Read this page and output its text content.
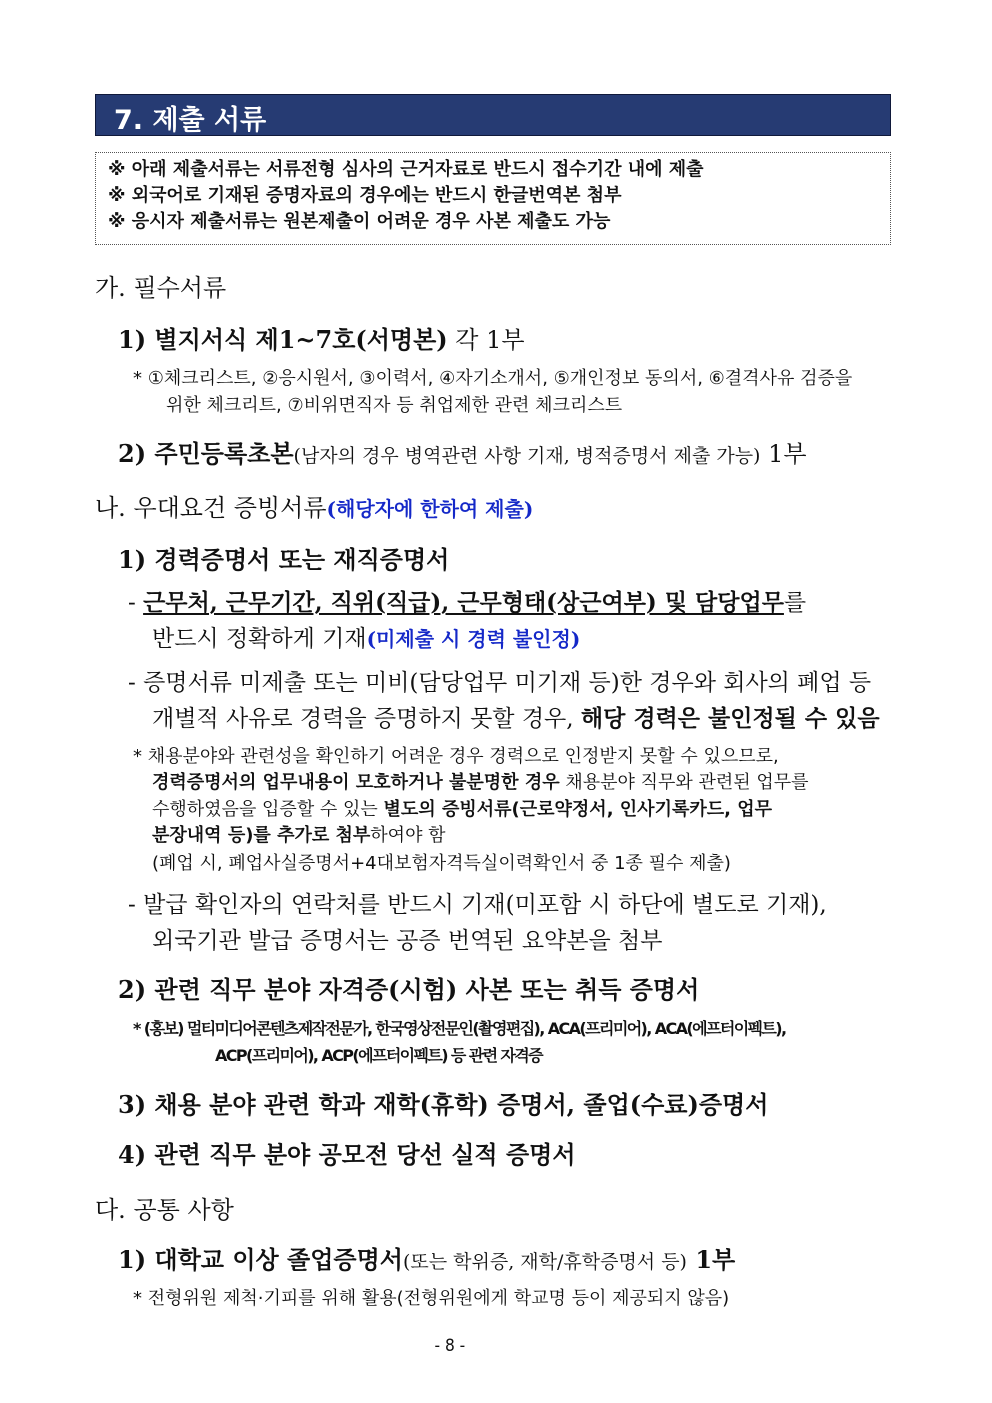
7. 제출 서류
※ 아래 제출서류는 서류전형 심사의 근거자료로 반드시 접수기간 내에 제출
※ 외국어로 기재된 증명자료의 경우에는 반드시 한글번역본 첨부
※ 응시자 제출서류는 원본제출이 어려운 경우 사본 제출도 가능
가. 필수서류
1) 별지서식 제1~7호(서명본) 각 1부
* ①체크리스트, ②응시원서, ③이력서, ④자기소개서, ⑤개인정보 동의서, ⑥결격사유 검증을
위한 체크리트, ⑦비위면직자 등 취업제한 관련 체크리스트
2) 주민등록초본(남자의 경우 병역관련 사항 기재, 병적증명서 제출 가능) 1부
나. 우대요건 증빙서류(해당자에 한하여 제출)
1) 경력증명서 또는 재직증명서
- 근무처, 근무기간, 직위(직급), 근무형태(상근여부) 및 담당업무를
반드시 정확하게 기재(미제출 시 경력 불인정)
- 증명서류 미제출 또는 미비(담당업무 미기재 등)한 경우와 회사의 폐업 등
개별적 사유로 경력을 증명하지 못할 경우, 해당 경력은 불인정될 수 있음
* 채용분야와 관련성을 확인하기 어려운 경우 경력으로 인정받지 못할 수 있으므로,
경력증명서의 업무내용이 모호하거나 불분명한 경우 채용분야 직무와 관련된 업무를
수행하였음을 입증할 수 있는 별도의 증빙서류(근로약정서, 인사기록카드, 업무
분장내역 등)를 추가로 첨부하여야 함
(폐업 시, 폐업사실증명서+4대보험자격득실이력확인서 중 1종 필수 제출)
- 발급 확인자의 연락처를 반드시 기재(미포함 시 하단에 별도로 기재),
외국기관 발급 증명서는 공증 번역된 요약본을 첨부
2) 관련 직무 분야 자격증(시험) 사본 또는 취득 증명서
* (홍보) 멀티미디어콘텐츠제작전문가, 한국영상전문인(촬영편집), ACA(프리미어), ACA(에프터이펙트),
ACP(프리미어), ACP(에프터이펙트) 등 관련 자격증
3) 채용 분야 관련 학과 재학(휴학) 증명서, 졸업(수료)증명서
4) 관련 직무 분야 공모전 당선 실적 증명서
다. 공통 사항
1) 대학교 이상 졸업증명서(또는 학위증, 재학/휴학증명서 등) 1부
* 전형위원 제척·기피를 위해 활용(전형위원에게 학교명 등이 제공되지 않음)
- 8 -
